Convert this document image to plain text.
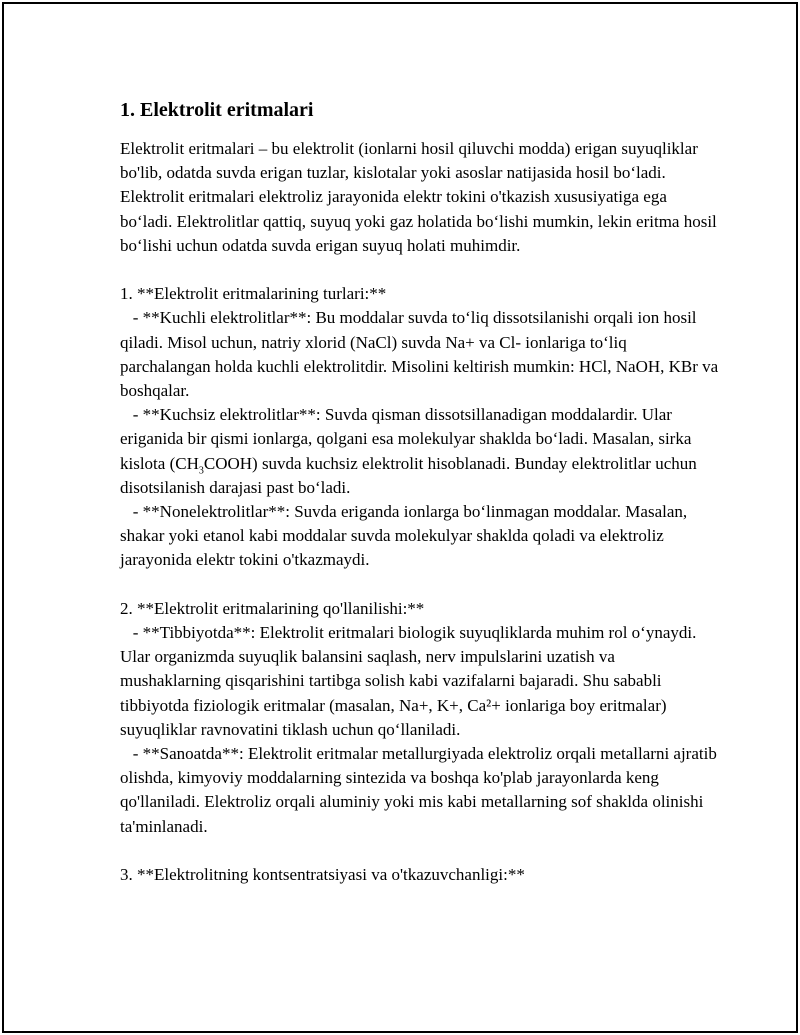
1. Elektrolit eritmalari

Elektrolit eritmalari – bu elektrolit (ionlarni hosil qiluvchi modda) erigan suyuqliklar bo'lib, odatda suvda erigan tuzlar, kislotalar yoki asoslar natijasida hosil bo‘ladi. Elektrolit eritmalari elektroliz jarayonida elektr tokini o'tkazish xususiyatiga ega bo‘ladi. Elektrolitlar qattiq, suyuq yoki gaz holatida bo‘lishi mumkin, lekin eritma hosil bo‘lishi uchun odatda suvda erigan suyuq holati muhimdir.

1. **Elektrolit eritmalarining turlari:**

- **Kuchli elektrolitlar**: Bu moddalar suvda to‘liq dissotsilanishi orqali ion hosil qiladi. Misol uchun, natriy xlorid (NaCl) suvda Na+ va Cl- ionlariga to‘liq parchalangan holda kuchli elektrolitdir. Misolini keltirish mumkin: HCl, NaOH, KBr va boshqalar.

- **Kuchsiz elektrolitlar**: Suvda qisman dissotsillanadigan moddalardir. Ular eriganida bir qismi ionlarga, qolgani esa molekulyar shaklda bo‘ladi. Masalan, sirka kislota $(CH_3COOH)$ suvda kuchsiz elektrolit hisoblanadi. Bunday elektrolitlar uchun disotsilanish darajasi past bo‘ladi.

- **Nonelektrolitlar**: Suvda eriganda ionlarga bo‘linmagan moddalar. Masalan, shakar yoki etanol kabi moddalar suvda molekulyar shaklda qoladi va elektroliz jarayonida elektr tokini o'tkazmaydi.

2. **Elektrolit eritmalarining qo'llanilishi:**

- **Tibbiyotda**: Elektrolit eritmalari biologik suyuqliklarda muhim rol o‘ynaydi. Ular organizmda suyuqlik balansini saqlash, nerv impulslarini uzatish va mushaklarning qisqarishini tartibga solish kabi vazifalarni bajaradi. Shu sababli tibbiyotda fiziologik eritmalar (masalan, Na+, K+, Ca²+ ionlariga boy eritmalar) suyuqliklar ravnovatini tiklash uchun qo‘llaniladi.

- **Sanoatda**: Elektrolit eritmalar metallurgiyada elektroliz orqali metallarni ajratib olishda, kimyoviy moddalarning sintezida va boshqa ko'plab jarayonlarda keng qo'llaniladi. Elektroliz orqali aluminiy yoki mis kabi metallarning sof shaklda olinishi ta'minlanadi.

3. **Elektrolitning kontsentratsiyasi va o'tkazuvchanligi:**
